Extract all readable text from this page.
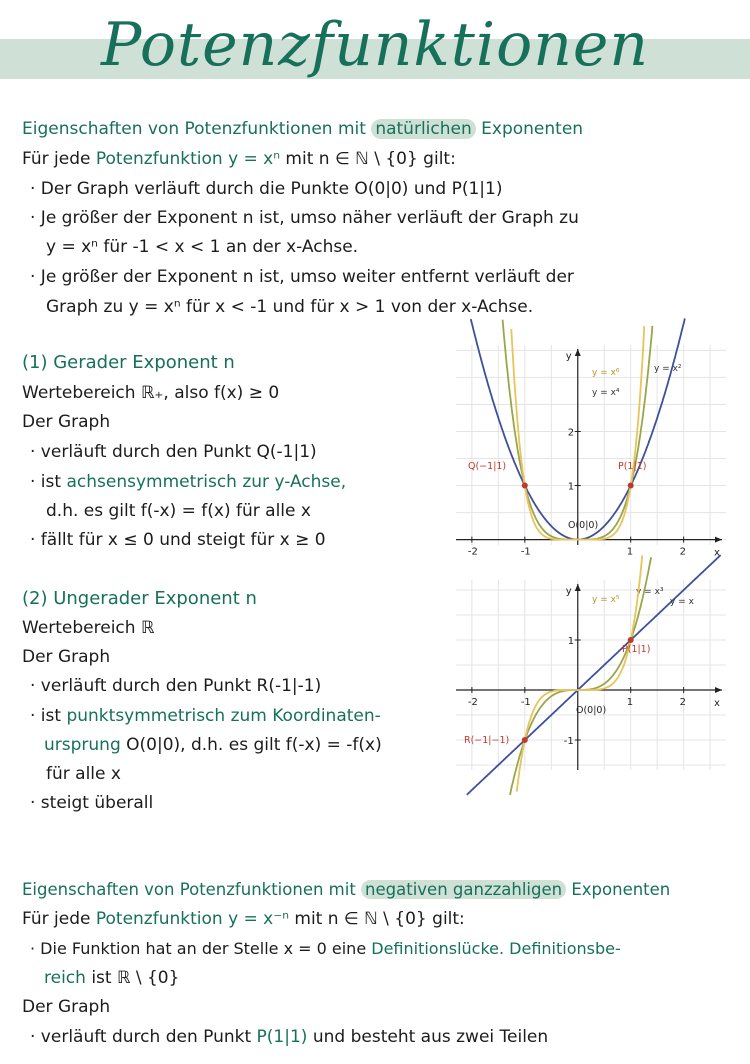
Potenzfunktionen
Eigenschaften von Potenzfunktionen mit natürlichen Exponenten
Für jede Potenzfunktion y = xⁿ mit n ∈ ℕ \ {0} gilt:
· Der Graph verläuft durch die Punkte O(0|0) und P(1|1)
· Je größer der Exponent n ist, umso näher verläuft der Graph zu
y = xⁿ für -1 < x < 1 an der x-Achse.
· Je größer der Exponent n ist, umso weiter entfernt verläuft der
Graph zu y = xⁿ für x < -1 und für x > 1 von der x-Achse.
(1) Gerader Exponent n
Wertebereich ℝ₊, also f(x) ≥ 0
Der Graph
· verläuft durch den Punkt Q(-1|1)
· ist achsensymmetrisch zur y-Achse,
d.h. es gilt f(-x) = f(x) für alle x
· fällt für x ≤ 0 und steigt für x ≥ 0
x
y
-2	-1	1	2
1
2
y = x²
y = x⁴
y = x⁶
Q(−1|1)	P(1|1)
O(0|0)
(2) Ungerader Exponent n
Wertebereich ℝ
Der Graph
· verläuft durch den Punkt R(-1|-1)
· ist punktsymmetrisch zum Koordinaten-
ursprung O(0|0), d.h. es gilt f(-x) = -f(x)
für alle x
· steigt überall
x
y
-2	-1	1	2
1
-1
y = x
y = x³
y = x⁵
P(1|1)
R(−1|−1)
O(0|0)
Eigenschaften von Potenzfunktionen mit negativen ganzzahligen Exponenten
Für jede Potenzfunktion y = x⁻ⁿ mit n ∈ ℕ \ {0} gilt:
· Die Funktion hat an der Stelle x = 0 eine Definitionslücke. Definitionsbe-
reich ist ℝ \ {0}
Der Graph
· verläuft durch den Punkt P(1|1) und besteht aus zwei Teilen
